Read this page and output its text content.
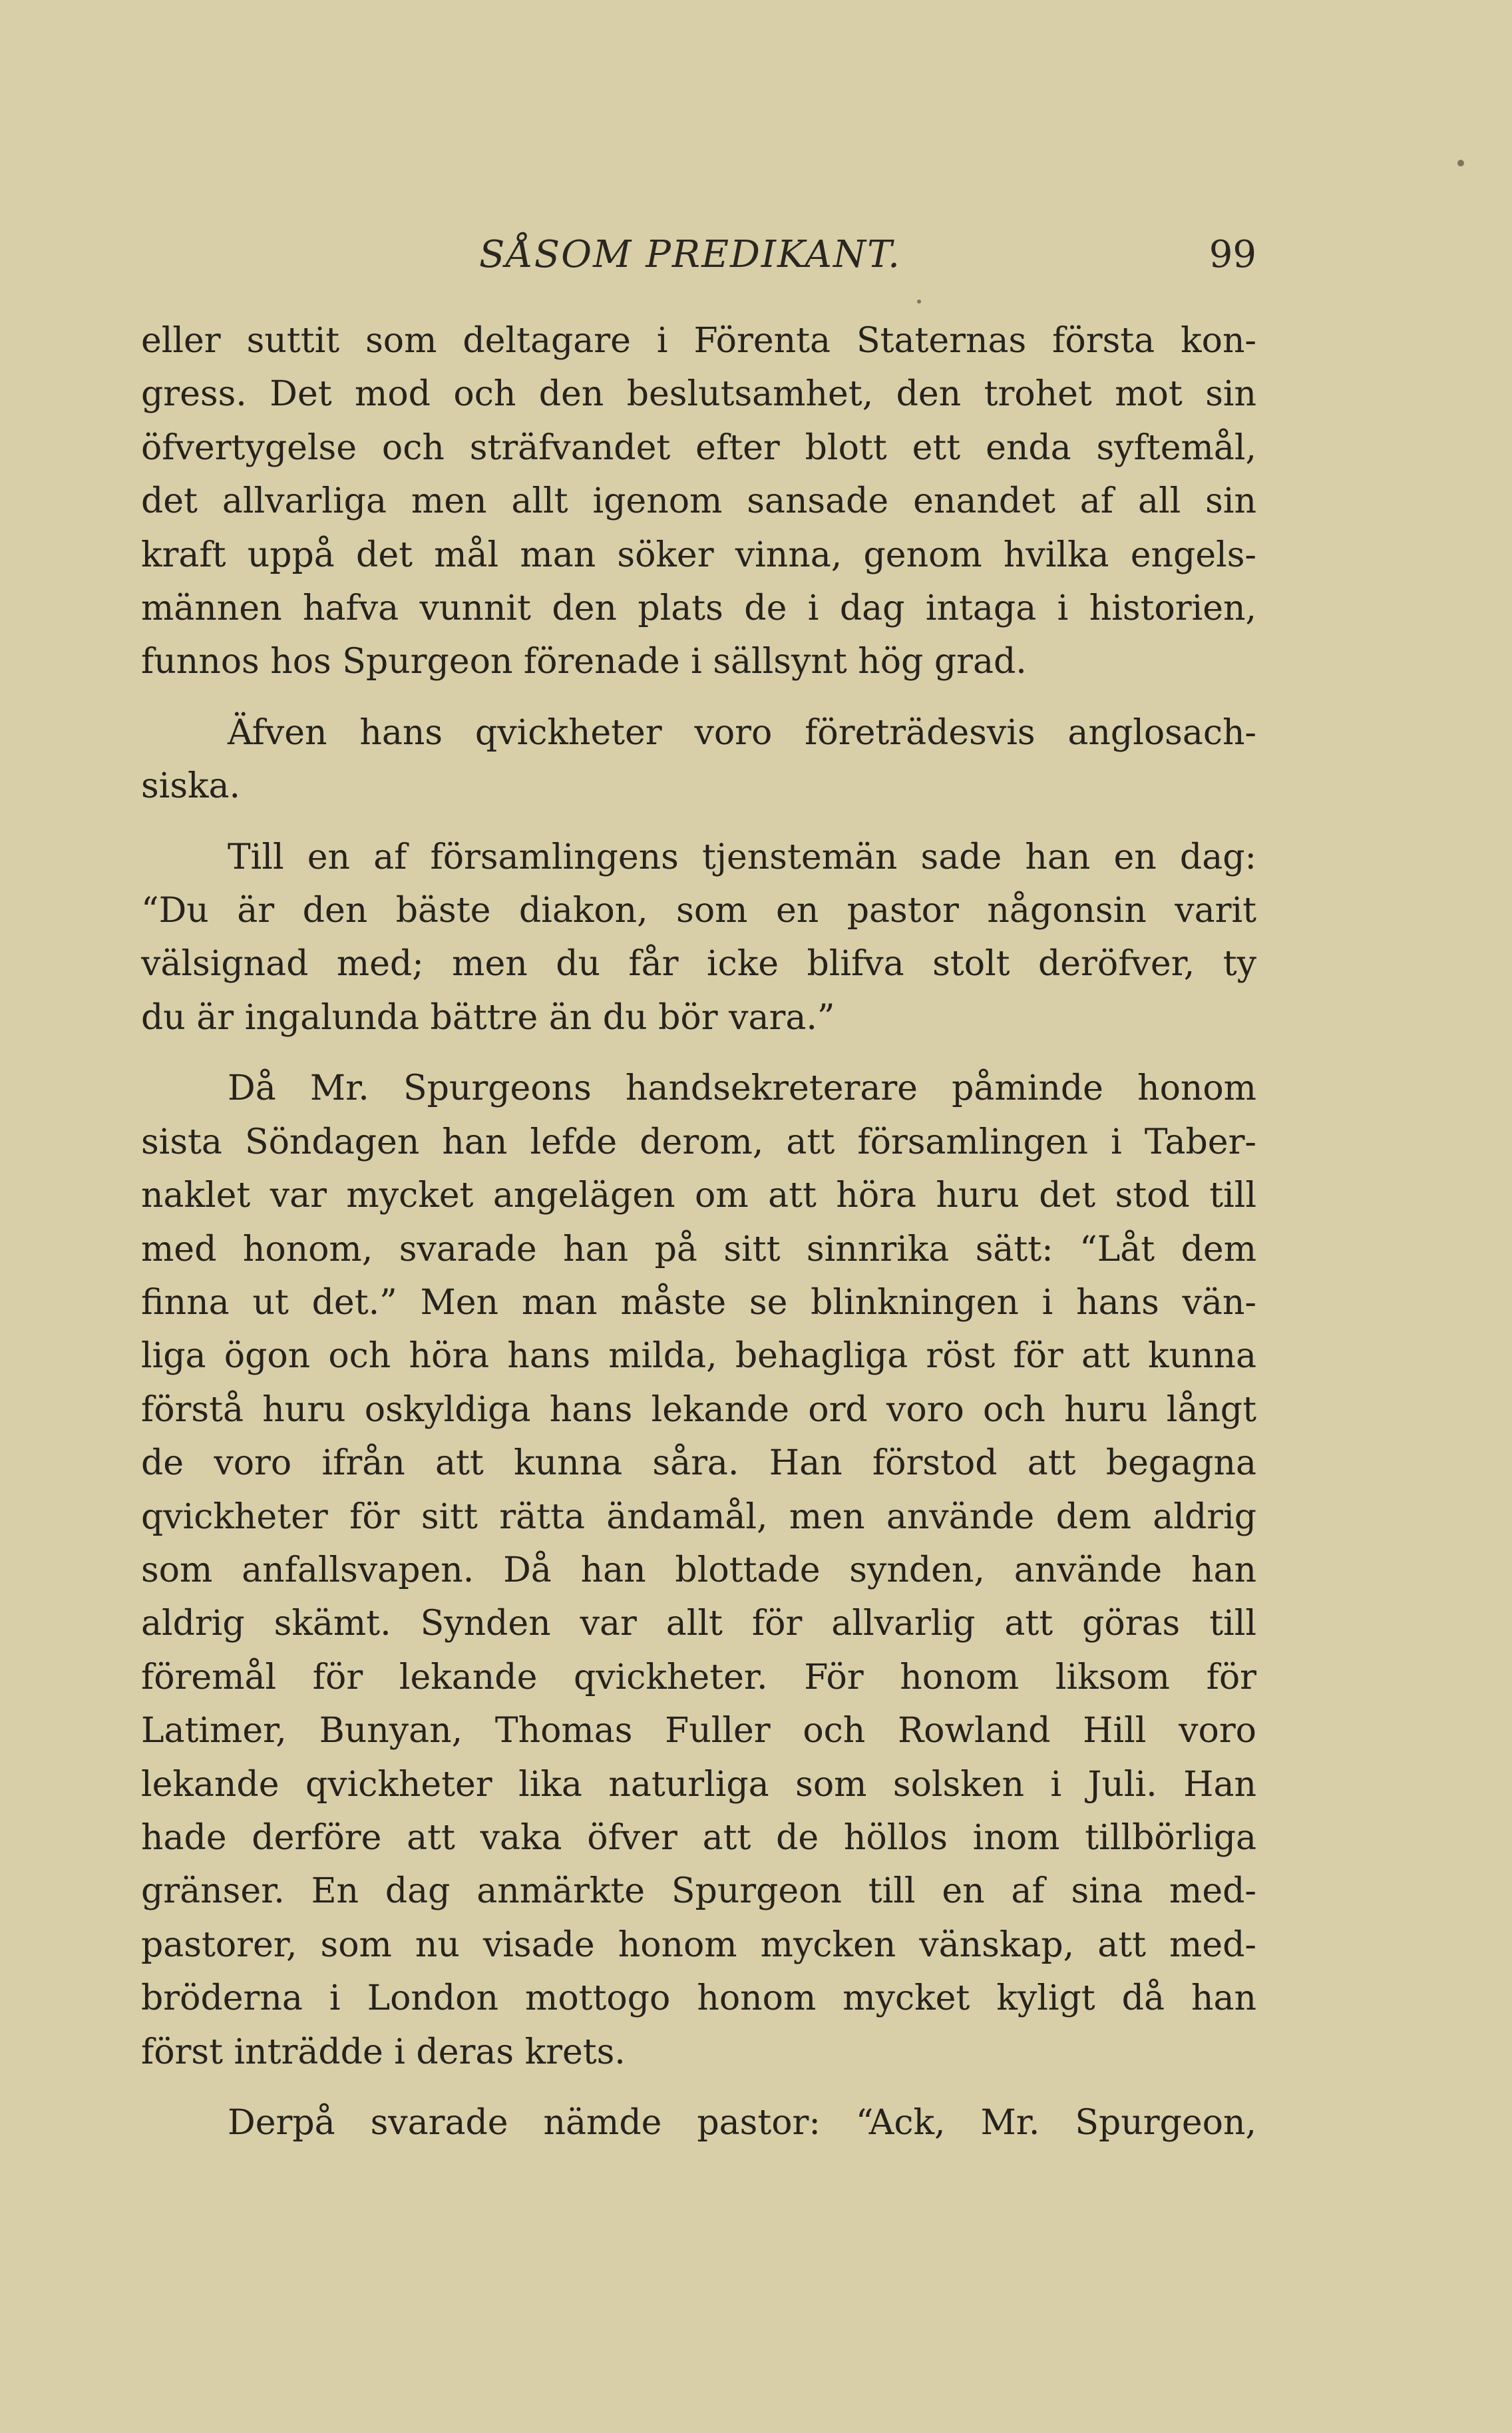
SÅSOM PREDIKANT.	99
eller suttit som deltagare i Förenta Staternas första kon-
gress. Det mod och den beslutsamhet, den trohet mot sin
öfvertygelse och sträfvandet efter blott ett enda syftemål,
det allvarliga men allt igenom sansade enandet af all sin
kraft uppå det mål man söker vinna, genom hvilka engels-
männen hafva vunnit den plats de i dag intaga i historien,
funnos hos Spurgeon förenade i sällsynt hög grad.
Äfven hans qvickheter voro företrädesvis anglosach-
siska.
Till en af församlingens tjenstemän sade han en dag:
“Du är den bäste diakon, som en pastor någonsin varit
välsignad med; men du får icke blifva stolt deröfver, ty
du är ingalunda bättre än du bör vara.”
Då Mr. Spurgeons handsekreterare påminde honom
sista Söndagen han lefde derom, att församlingen i Taber-
naklet var mycket angelägen om att höra huru det stod till
med honom, svarade han på sitt sinnrika sätt: “Låt dem
finna ut det.” Men man måste se blinkningen i hans vän-
liga ögon och höra hans milda, behagliga röst för att kunna
förstå huru oskyldiga hans lekande ord voro och huru långt
de voro ifrån att kunna såra. Han förstod att begagna
qvickheter för sitt rätta ändamål, men använde dem aldrig
som anfallsvapen. Då han blottade synden, använde han
aldrig skämt. Synden var allt för allvarlig att göras till
föremål för lekande qvickheter. För honom liksom för
Latimer, Bunyan, Thomas Fuller och Rowland Hill voro
lekande qvickheter lika naturliga som solsken i Juli. Han
hade derföre att vaka öfver att de höllos inom tillbörliga
gränser. En dag anmärkte Spurgeon till en af sina med-
pastorer, som nu visade honom mycken vänskap, att med-
bröderna i London mottogo honom mycket kyligt då han
först inträdde i deras krets.
Derpå svarade nämde pastor: “Ack, Mr. Spurgeon,
